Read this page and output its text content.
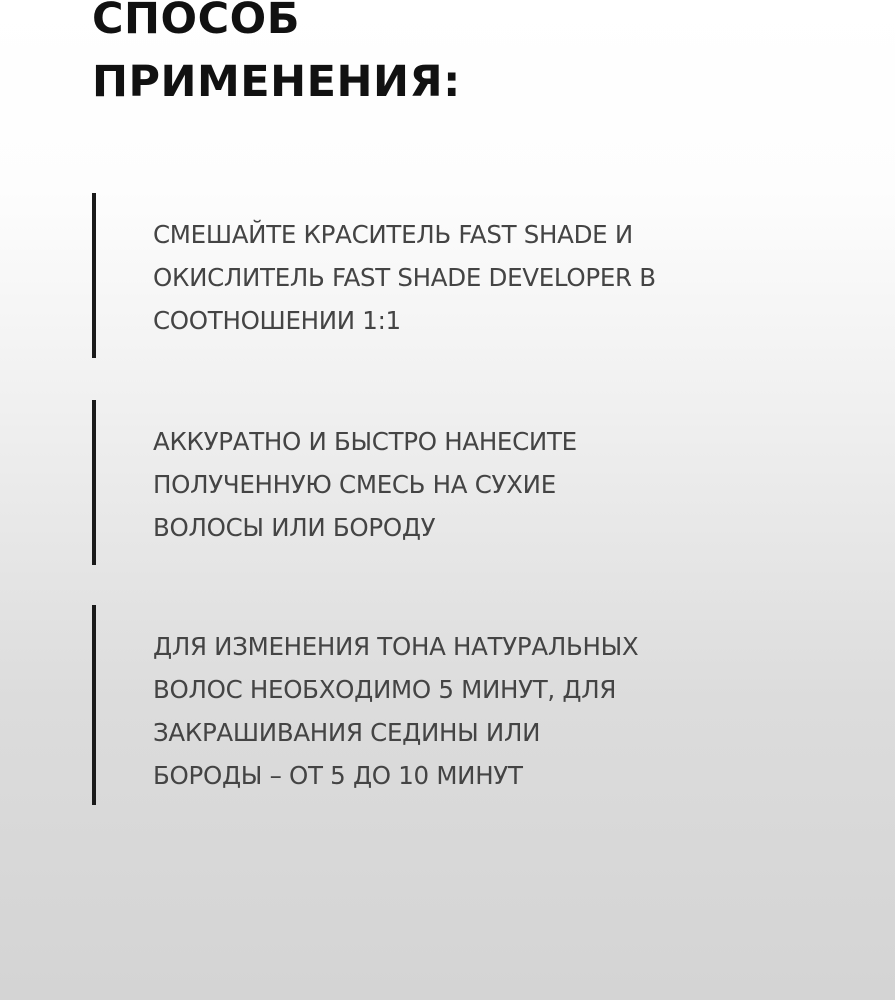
СПОСОБ
ПРИМЕНЕНИЯ:

СМЕШАЙТЕ КРАСИТЕЛЬ FAST SHADE И
ОКИСЛИТЕЛЬ FAST SHADE DEVELOPER В
СООТНОШЕНИИ 1:1

АККУРАТНО И БЫСТРО НАНЕСИТЕ
ПОЛУЧЕННУЮ СМЕСЬ НА СУХИЕ
ВОЛОСЫ ИЛИ БОРОДУ

ДЛЯ ИЗМЕНЕНИЯ ТОНА НАТУРАЛЬНЫХ
ВОЛОС НЕОБХОДИМО 5 МИНУТ, ДЛЯ
ЗАКРАШИВАНИЯ СЕДИНЫ ИЛИ
БОРОДЫ – ОТ 5 ДО 10 МИНУТ
